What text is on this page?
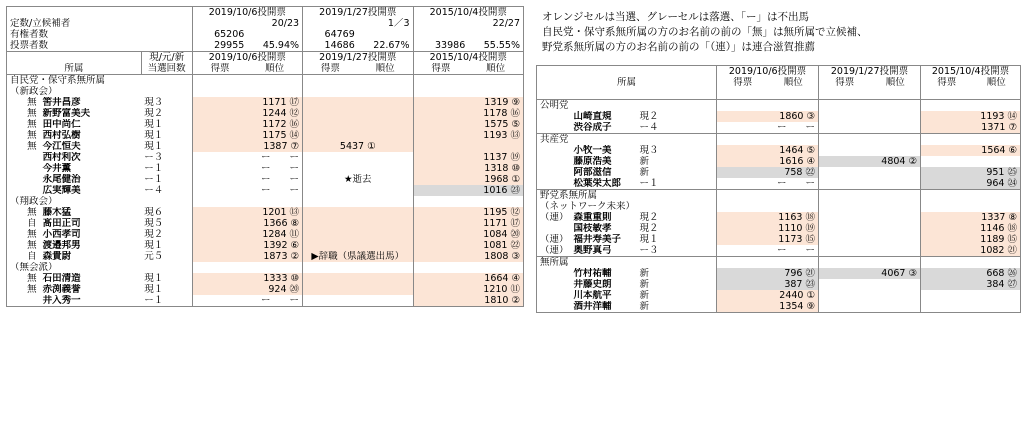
オレンジセルは当選、グレーセルは落選、「ー」は不出馬
自民党・保守系無所属の方のお名前の前の「無」は無所属で立候補、
野党系無所属の方のお名前の前の「（連）」は連合滋賀推薦
				2019/10/6投開票		2019/1/27投開票		2015/10/4投開票	
定数/立候補者					20/23		1／3		22/27
有権者数				65206		64769			
投票者数				29955	45.94%	14686	22.67%	33986	55.55%
			現/元/新	2019/10/6投開票		2019/1/27投開票		2015/10/4投開票	
所属			当選回数	得票	順位	得票	順位	得票	順位
自民党・保守系無所属									
（新政会）									
無	筈井昌彦		現３	1171 ⑰				1319 ⑨	
無	新野富美夫		現２	1244 ⑫				1178 ⑯	
無	田中尚仁		現１	1172 ⑯				1575 ⑤	
無	西村弘樹		現１	1175 ⑭				1193 ⑬	
無	今江恒夫		現１	1387 ⑦		5437 ①			
	西村利次		ー３	ー　　ー				1137 ⑲	
	今井薫		ー１	ー　　ー				1318 ⑩	
	永尾健治		ー１	ー　　ー		★逝去		1968 ①	
	広実輝美		ー４	ー　　ー				1016 ㉓	
（翔政会）									
無	藤木猛		現６	1201 ⑬				1195 ⑫	
自	髙田正司		現５	1366 ⑧				1171 ⑰	
無	小西孝司		現２	1284 ⑪				1084 ⑳	
無	渡邉邦男		現１	1392 ⑥				1081 ㉒	
自	森貴尉		元５	1873 ②		▶辞職（県議選出馬）		1808 ③	
（無会派）									
無	石田清造		現１	1333 ⑩				1664 ④	
無	赤渕義誉		現１	924 ⑳				1210 ⑪	
	井入秀一		ー１	ー　　ー				1810 ②	
				2019/10/6投開票		2019/1/27投開票		2015/10/4投開票	
所属				得票	順位	得票	順位	得票	順位

公明党									
	山崎直規	現２		1860 ③				1193 ⑭	
	渋谷成子	ー４		ー　　ー				1371 ⑦	
共産党									
	小牧一美	現３		1464 ⑤				1564 ⑥	
	藤原浩美	新		1616 ④		4804 ②			
	阿部滋信	新		758 ㉒				951 ㉕	
	松葉栄太郎	ー１		ー　　ー				964 ㉔	
野党系無所属									
（ネットワーク未来）									
（連）	森重重則	現２		1163 ⑱				1337 ⑧	
	国枝敏孝	現２		1110 ⑲				1146 ⑱	
（連）	福井寿美子	現１		1173 ⑮				1189 ⑮	
（連）	奥野真弓	ー３		ー　　ー				1082 ㉑	
無所属									
	竹村祐輔	新		796 ㉑		4067 ③		668 ㉖	
	井藤史朗	新		387 ㉓				384 ㉗	
	川本航平	新		2440 ①					
	酒井洋輔	新		1354 ⑨					
